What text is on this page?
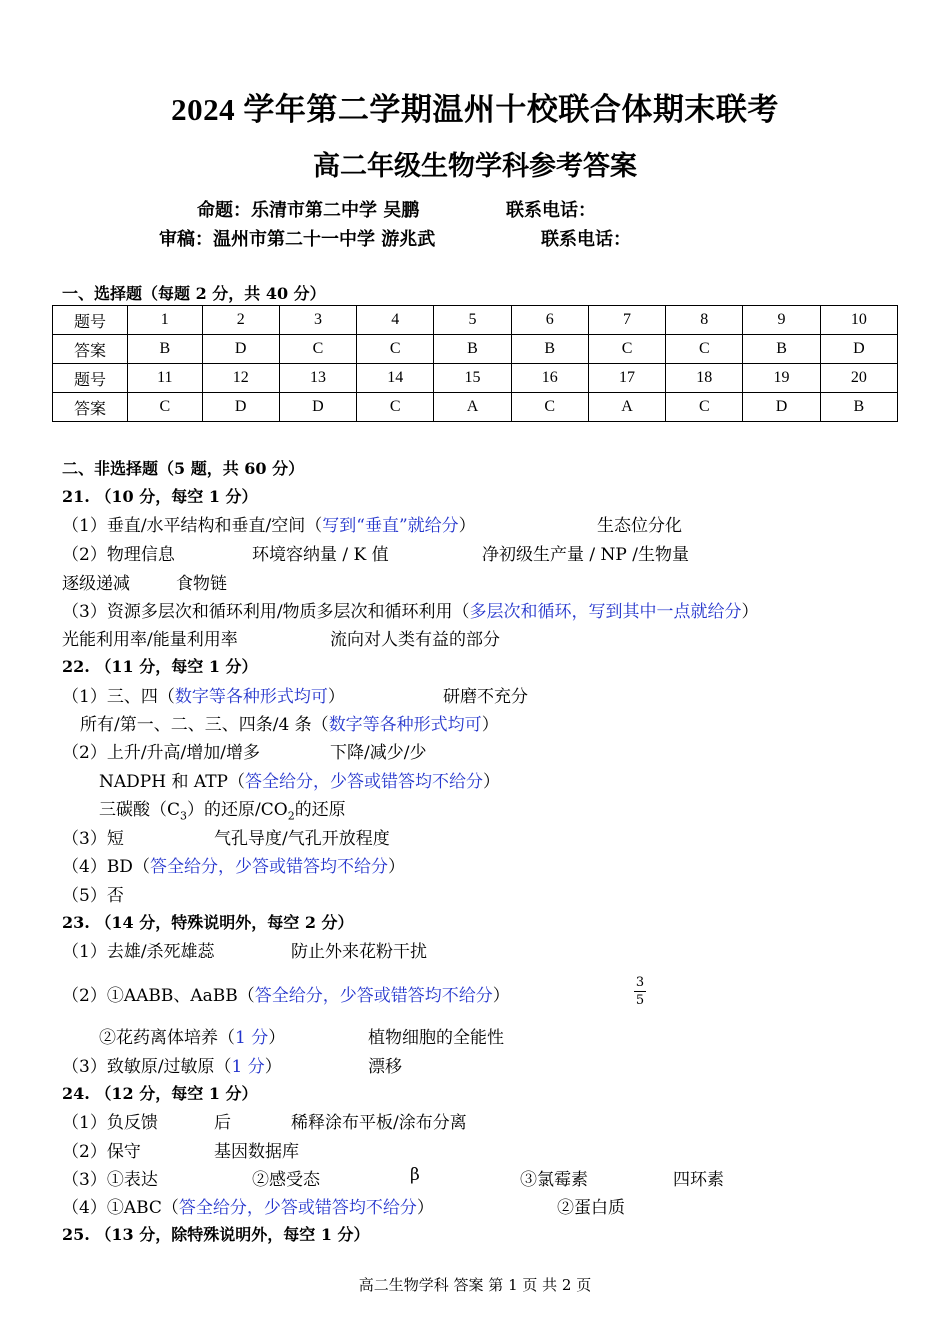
2024 学年第二学期温州十校联合体期末联考
高二年级生物学科参考答案
命题：乐清市第二中学 吴鹏	联系电话：
审稿：温州市第二十一中学 游兆武	联系电话：
一、选择题（每题 2 分，共 40 分）
题号	1	2	3	4	5	6	7	8	9	10
答案	B	D	C	C	B	B	C	C	B	D
题号	11	12	13	14	15	16	17	18	19	20
答案	C	D	D	C	A	C	A	C	D	B
二、非选择题（5 题，共 60 分）
21. （10 分，每空 1 分）
（1）垂直/水平结构和垂直/空间（写到“垂直”就给分）	生态位分化
（2）物理信息	环境容纳量 / K 值	净初级生产量 / NP /生物量
逐级递减	食物链
（3）资源多层次和循环利用/物质多层次和循环利用（多层次和循环，写到其中一点就给分）
光能利用率/能量利用率	流向对人类有益的部分
22. （11 分，每空 1 分）
（1）三、四（数字等各种形式均可）	研磨不充分
所有/第一、二、三、四条/4 条（数字等各种形式均可）
（2）上升/升高/增加/增多	下降/减少/少
NADPH 和 ATP（答全给分，少答或错答均不给分）
三碳酸$(C_3)$的还原$/CO_2$的还原
（3）短	气孔导度/气孔开放程度
（4）BD（答全给分，少答或错答均不给分）
（5）否
23. （14 分，特殊说明外，每空 2 分）
（1）去雄/杀死雄蕊	防止外来花粉干扰
（2）①AABB、AaBB（答全给分，少答或错答均不给分）
3
5
②花药离体培养（1 分）	植物细胞的全能性
（3）致敏原/过敏原（1 分）	漂移
24. （12 分，每空 1 分）
（1）负反馈	后	稀释涂布平板/涂布分离
（2）保守	基因数据库
（3）①表达	②感受态	β	③氯霉素	四环素
（4）①ABC（答全给分，少答或错答均不给分）	②蛋白质
25. （13 分，除特殊说明外，每空 1 分）
高二生物学科 答案 第 1 页 共 2 页
